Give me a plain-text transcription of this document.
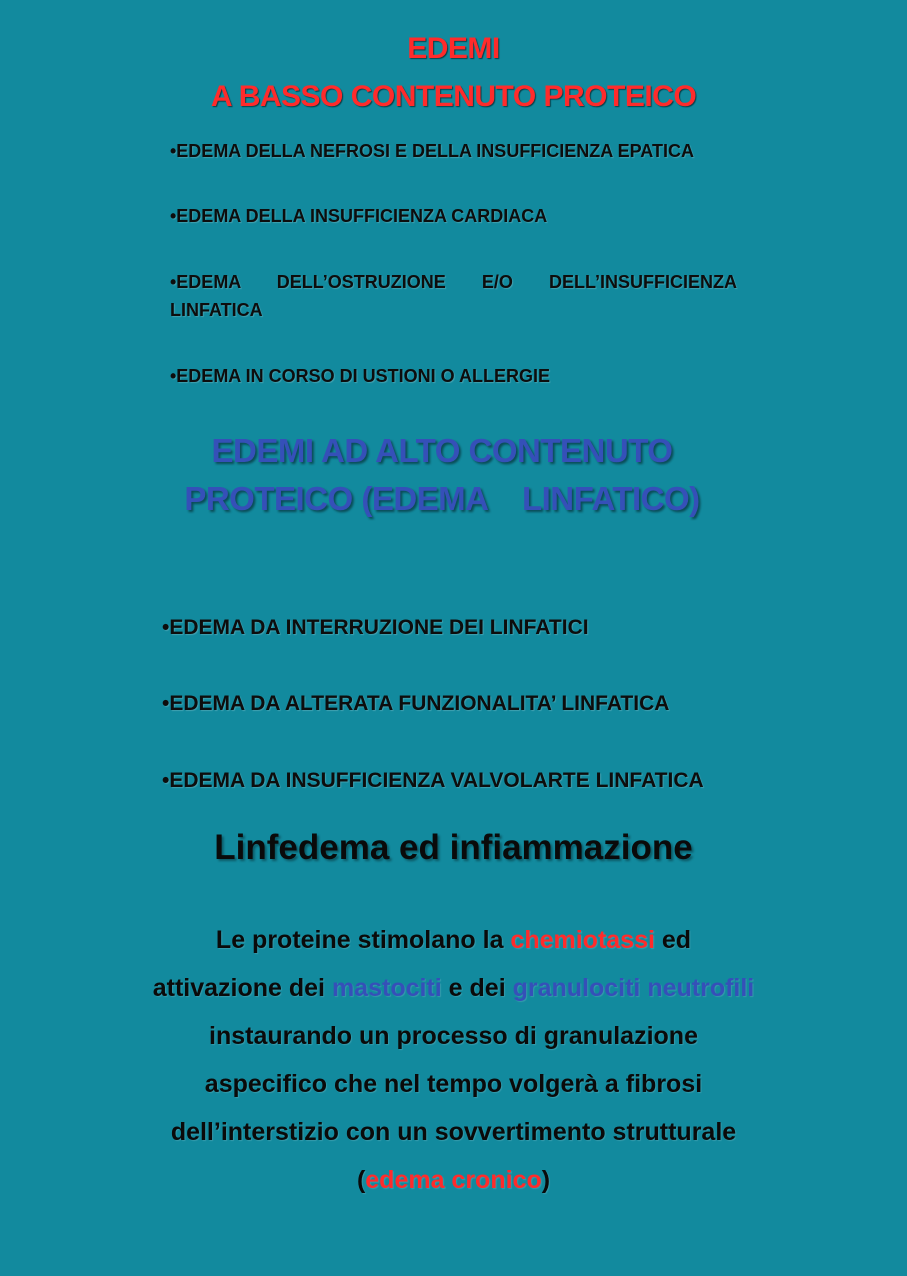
EDEMI
A BASSO CONTENUTO PROTEICO

•EDEMA DELLA NEFROSI E DELLA INSUFFICIENZA EPATICA

•EDEMA DELLA INSUFFICIENZA CARDIACA

•EDEMA DELL’OSTRUZIONE E/O DELL’INSUFFICIENZA LINFATICA

•EDEMA IN CORSO DI USTIONI O ALLERGIE

EDEMI AD ALTO CONTENUTO
PROTEICO (EDEMA    LINFATICO)

•EDEMA DA INTERRUZIONE DEI LINFATICI

•EDEMA DA ALTERATA FUNZIONALITA’ LINFATICA

•EDEMA DA INSUFFICIENZA VALVOLARTE LINFATICA

Linfedema ed infiammazione

Le proteine stimolano la chemiotassi ed attivazione dei mastociti e dei granulociti neutrofili instaurando un processo di granulazione aspecifico che nel tempo volgerà a fibrosi dell’interstizio con un sovvertimento strutturale
(edema cronico)
